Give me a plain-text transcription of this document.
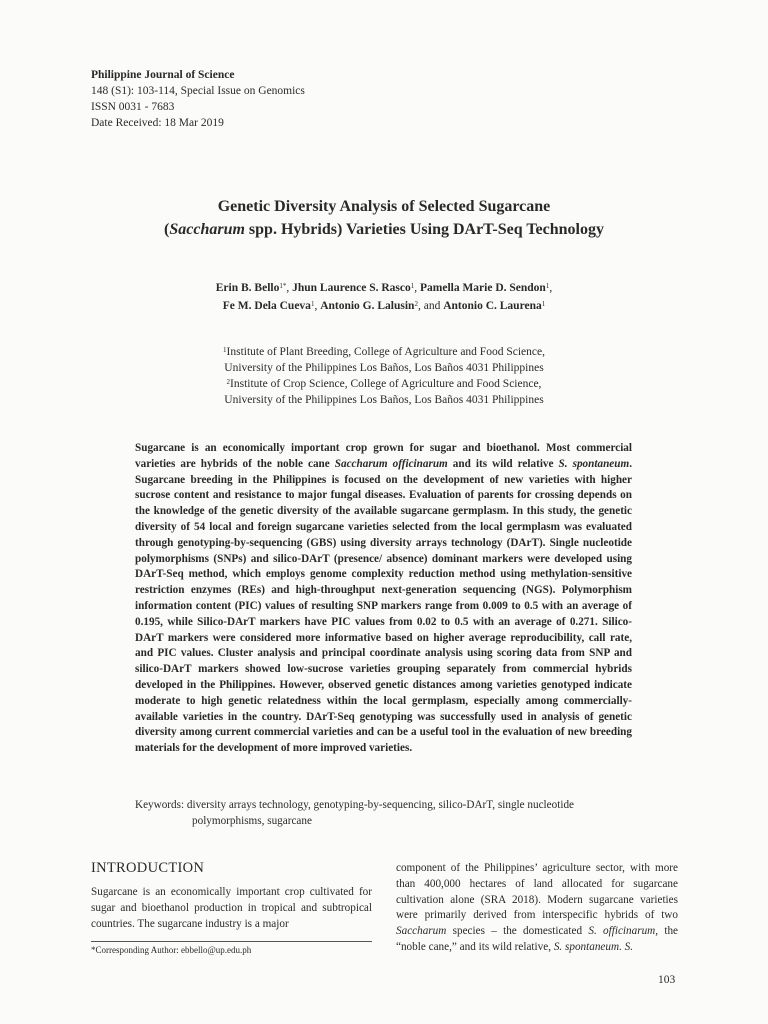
Philippine Journal of Science
148 (S1): 103-114, Special Issue on Genomics
ISSN 0031 - 7683
Date Received: 18 Mar 2019
Genetic Diversity Analysis of Selected Sugarcane
(Saccharum spp. Hybrids) Varieties Using DArT-Seq Technology
Erin B. Bello$^{1*}$, Jhun Laurence S. Rasco$^1$, Pamella Marie D. Sendon$^1$,
Fe M. Dela Cueva$^1$, Antonio G. Lalusin$^2$, and Antonio C. Laurena$^1$
$^1$Institute of Plant Breeding, College of Agriculture and Food Science,
University of the Philippines Los Baños, Los Baños 4031 Philippines
$^2$Institute of Crop Science, College of Agriculture and Food Science,
University of the Philippines Los Baños, Los Baños 4031 Philippines
Sugarcane is an economically important crop grown for sugar and bioethanol. Most commercial varieties are hybrids of the noble cane Saccharum officinarum and its wild relative S. spontaneum. Sugarcane breeding in the Philippines is focused on the development of new varieties with higher sucrose content and resistance to major fungal diseases. Evaluation of parents for crossing depends on the knowledge of the genetic diversity of the available sugarcane germplasm. In this study, the genetic diversity of 54 local and foreign sugarcane varieties selected from the local germplasm was evaluated through genotyping-by-sequencing (GBS) using diversity arrays technology (DArT). Single nucleotide polymorphisms (SNPs) and silico-DArT (presence/ absence) dominant markers were developed using DArT-Seq method, which employs genome complexity reduction method using methylation-sensitive restriction enzymes (REs) and high-throughput next-generation sequencing (NGS). Polymorphism information content (PIC) values of resulting SNP markers range from 0.009 to 0.5 with an average of 0.195, while Silico-DArT markers have PIC values from 0.02 to 0.5 with an average of 0.271. Silico-DArT markers were considered more informative based on higher average reproducibility, call rate, and PIC values. Cluster analysis and principal coordinate analysis using scoring data from SNP and silico-DArT markers showed low-sucrose varieties grouping separately from commercial hybrids developed in the Philippines. However, observed genetic distances among varieties genotyped indicate moderate to high genetic relatedness within the local germplasm, especially among commercially-available varieties in the country. DArT-Seq genotyping was successfully used in analysis of genetic diversity among current commercial varieties and can be a useful tool in the evaluation of new breeding materials for the development of more improved varieties.
Keywords: diversity arrays technology, genotyping-by-sequencing, silico-DArT, single nucleotide
polymorphisms, sugarcane
INTRODUCTION
Sugarcane is an economically important crop cultivated for sugar and bioethanol production in tropical and subtropical countries. The sugarcane industry is a major
component of the Philippines’ agriculture sector, with more than 400,000 hectares of land allocated for sugarcane cultivation alone (SRA 2018). Modern sugarcane varieties were primarily derived from interspecific hybrids of two Saccharum species – the domesticated S. officinarum, the “noble cane,” and its wild relative, S. spontaneum. S.
*Corresponding Author: ebbello@up.edu.ph
103
